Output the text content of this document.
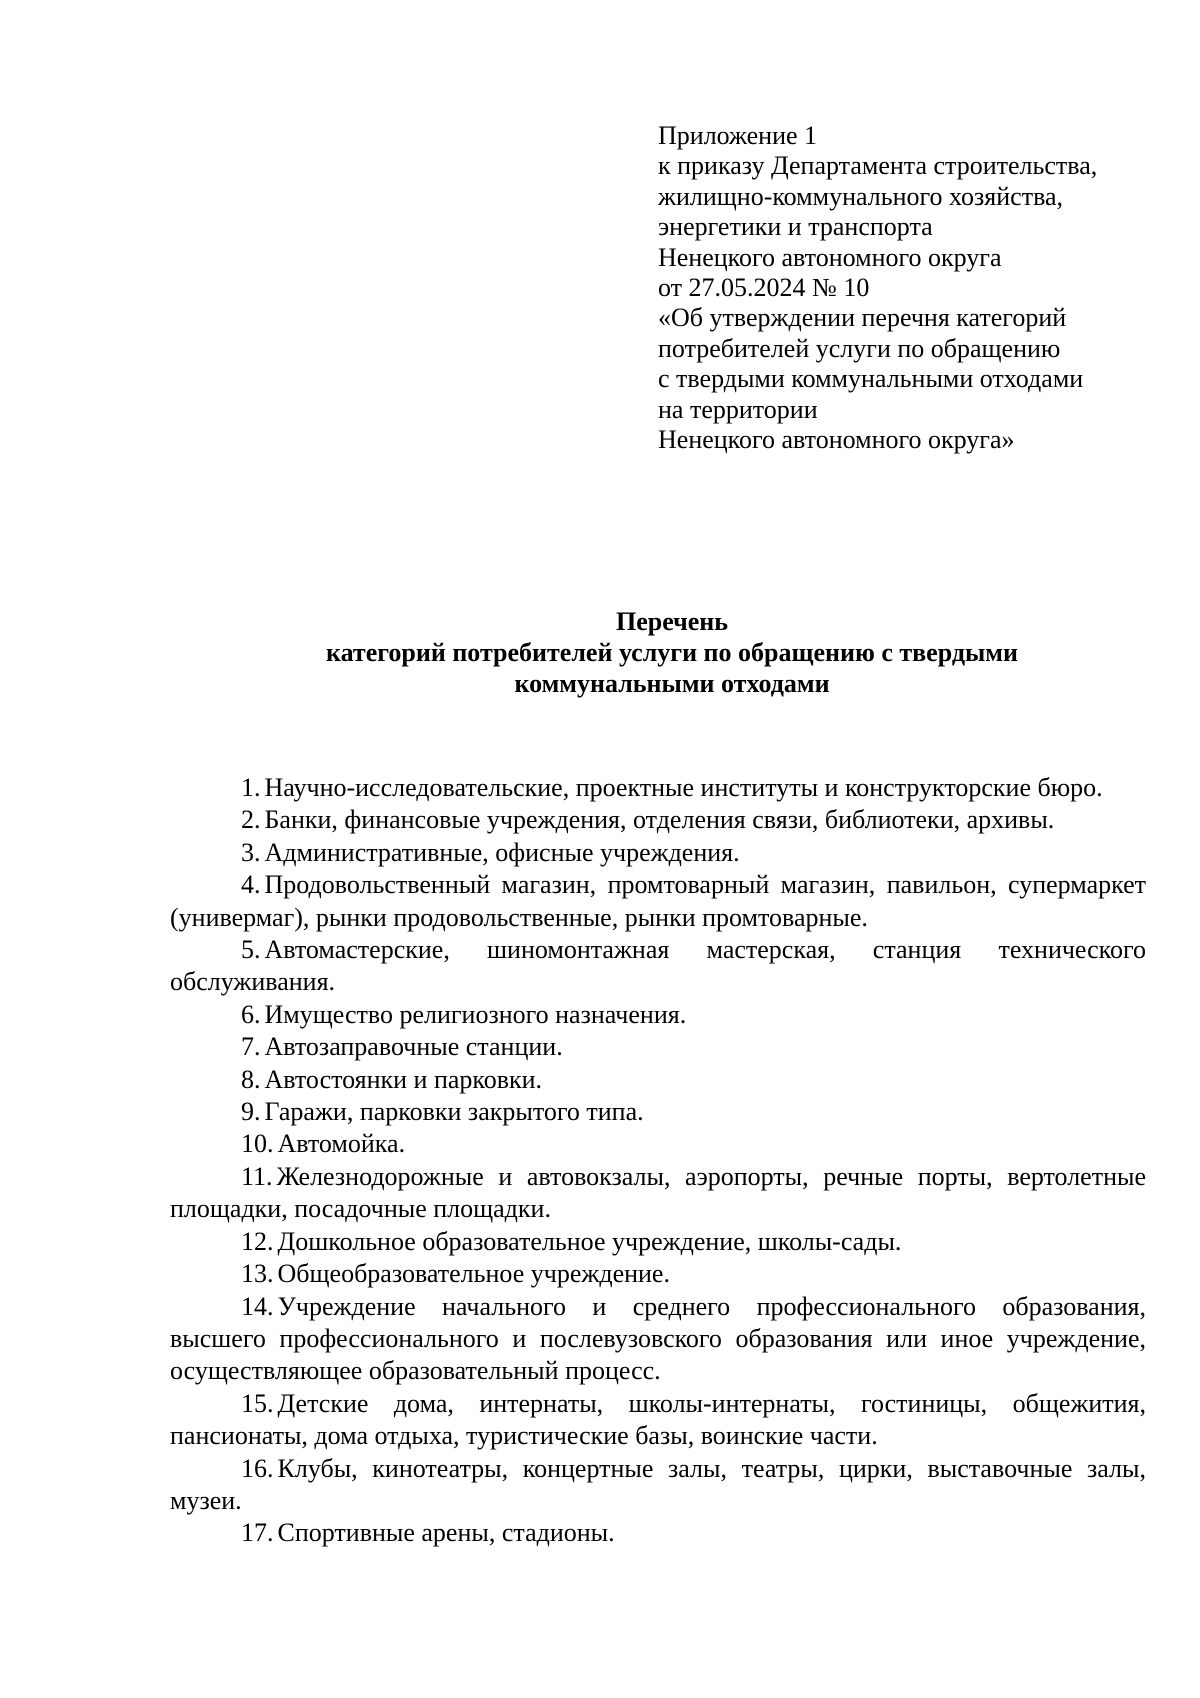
Приложение 1
к приказу Департамента строительства,
жилищно-коммунального хозяйства,
энергетики и транспорта
Ненецкого автономного округа
от 27.05.2024 № 10
«Об утверждении перечня категорий
потребителей услуги по обращению
с твердыми коммунальными отходами
на территории
Ненецкого автономного округа»
Перечень
категорий потребителей услуги по обращению с твердыми
коммунальными отходами

1. Научно-исследовательские, проектные институты и конструкторские бюро.

2. Банки, финансовые учреждения, отделения связи, библиотеки, архивы.

3. Административные, офисные учреждения.

4. Продовольственный магазин, промтоварный магазин, павильон, супермаркет (универмаг), рынки продовольственные, рынки промтоварные.

5. Автомастерские, шиномонтажная мастерская, станция технического обслуживания.

6. Имущество религиозного назначения.

7. Автозаправочные станции.

8. Автостоянки и парковки.

9. Гаражи, парковки закрытого типа.

10. Автомойка.

11. Железнодорожные и автовокзалы, аэропорты, речные порты, вертолетные площадки, посадочные площадки.

12. Дошкольное образовательное учреждение, школы-сады.

13. Общеобразовательное учреждение.

14. Учреждение начального и среднего профессионального образования, высшего профессионального и послевузовского образования или иное учреждение, осуществляющее образовательный процесс.

15. Детские дома, интернаты, школы-интернаты, гостиницы, общежития, пансионаты, дома отдыха, туристические базы, воинские части.

16. Клубы, кинотеатры, концертные залы, театры, цирки, выставочные залы, музеи.

17. Спортивные арены, стадионы.
